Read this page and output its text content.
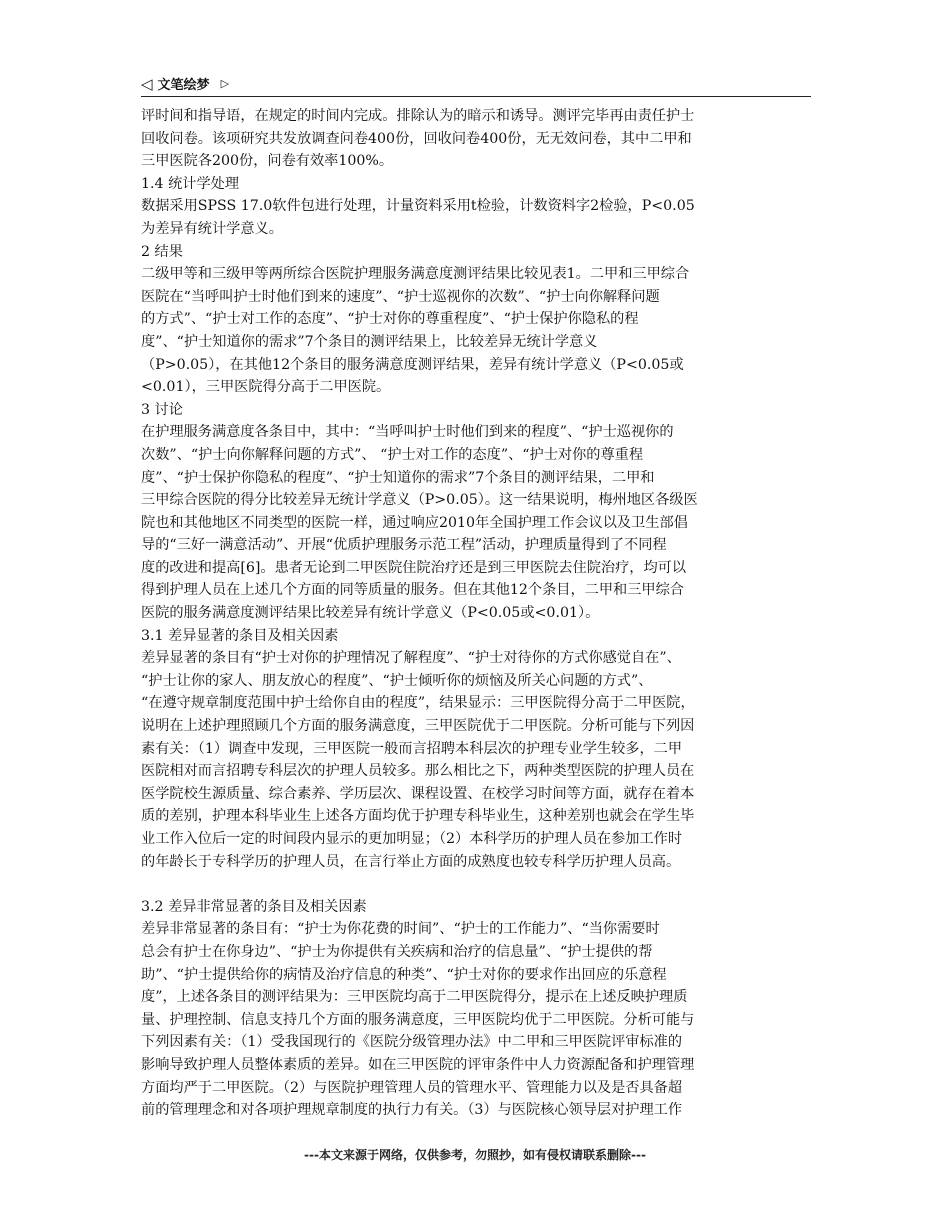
◁ 文笔绘梦 ▷
评时间和指导语，在规定的时间内完成。排除认为的暗示和诱导。测评完毕再由责任护士
回收问卷。该项研究共发放调查问卷400份，回收问卷400份，无无效问卷，其中二甲和
三甲医院各200份，问卷有效率100%。
1.4 统计学处理
数据采用SPSS 17.0软件包进行处理，计量资料采用t检验，计数资料字2检验，P<0.05
为差异有统计学意义。
2 结果
二级甲等和三级甲等两所综合医院护理服务满意度测评结果比较见表1。二甲和三甲综合
医院在“当呼叫护士时他们到来的速度”、“护士巡视你的次数”、“护士向你解释问题
的方式”、“护士对工作的态度”、“护士对你的尊重程度”、“护士保护你隐私的程
度”、“护士知道你的需求”7个条目的测评结果上，比较差异无统计学意义
（P>0.05），在其他12个条目的服务满意度测评结果，差异有统计学意义（P<0.05或
<0.01），三甲医院得分高于二甲医院。
3 讨论
在护理服务满意度各条目中，其中：“当呼叫护士时他们到来的程度”、“护士巡视你的
次数”、“护士向你解释问题的方式”、 “护士对工作的态度”、“护士对你的尊重程
度”、“护士保护你隐私的程度”、“护士知道你的需求”7个条目的测评结果，二甲和
三甲综合医院的得分比较差异无统计学意义（P>0.05）。这一结果说明，梅州地区各级医
院也和其他地区不同类型的医院一样，通过响应2010年全国护理工作会议以及卫生部倡
导的“三好一满意活动”、开展“优质护理服务示范工程”活动，护理质量得到了不同程
度的改进和提高[6]。患者无论到二甲医院住院治疗还是到三甲医院去住院治疗，均可以
得到护理人员在上述几个方面的同等质量的服务。但在其他12个条目，二甲和三甲综合
医院的服务满意度测评结果比较差异有统计学意义（P<0.05或<0.01）。
3.1 差异显著的条目及相关因素
差异显著的条目有“护士对你的护理情况了解程度”、“护士对待你的方式你感觉自在”、
“护士让你的家人、朋友放心的程度”、“护士倾听你的烦恼及所关心问题的方式”、
“在遵守规章制度范围中护士给你自由的程度”，结果显示：三甲医院得分高于二甲医院，
说明在上述护理照顾几个方面的服务满意度，三甲医院优于二甲医院。分析可能与下列因
素有关：（1）调查中发现，三甲医院一般而言招聘本科层次的护理专业学生较多，二甲
医院相对而言招聘专科层次的护理人员较多。那么相比之下，两种类型医院的护理人员在
医学院校生源质量、综合素养、学历层次、课程设置、在校学习时间等方面，就存在着本
质的差别，护理本科毕业生上述各方面均优于护理专科毕业生，这种差别也就会在学生毕
业工作入位后一定的时间段内显示的更加明显；（2）本科学历的护理人员在参加工作时
的年龄长于专科学历的护理人员，在言行举止方面的成熟度也较专科学历护理人员高。
3.2 差异非常显著的条目及相关因素
差异非常显著的条目有：“护士为你花费的时间”、“护士的工作能力”、“当你需要时
总会有护士在你身边”、“护士为你提供有关疾病和治疗的信息量”、“护士提供的帮
助”、“护士提供给你的病情及治疗信息的种类”、“护士对你的要求作出回应的乐意程
度”，上述各条目的测评结果为：三甲医院均高于二甲医院得分，提示在上述反映护理质
量、护理控制、信息支持几个方面的服务满意度，三甲医院均优于二甲医院。分析可能与
下列因素有关：（1）受我国现行的《医院分级管理办法》中二甲和三甲医院评审标准的
影响导致护理人员整体素质的差异。如在三甲医院的评审条件中人力资源配备和护理管理
方面均严于二甲医院。（2）与医院护理管理人员的管理水平、管理能力以及是否具备超
前的管理理念和对各项护理规章制度的执行力有关。（3）与医院核心领导层对护理工作
---本文来源于网络，仅供参考，勿照抄，如有侵权请联系删除---
